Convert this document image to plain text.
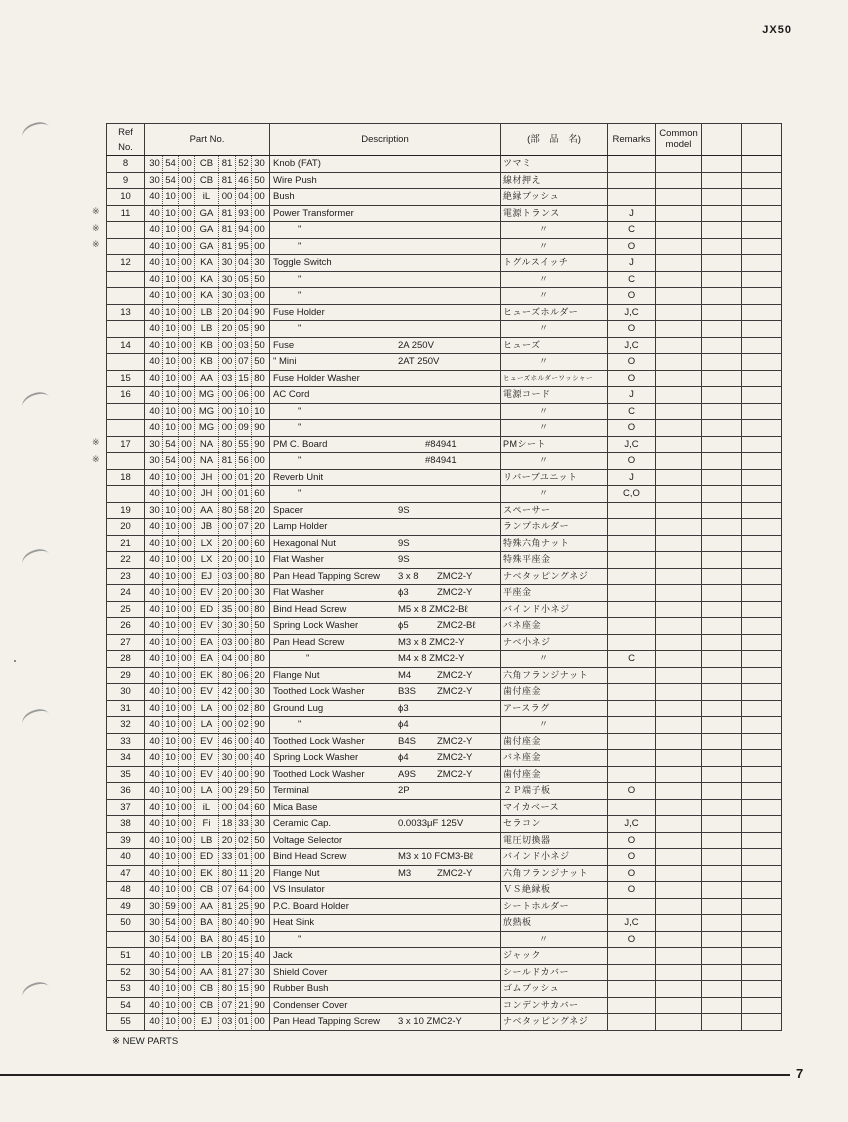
JX50
※
※
※
※
※
Ref
No.	Part No.	Description	(部　品　名)	Remarks	Common
model		
8	30 54 00 CB 81 52 30	Knob (FAT)	ツマミ				
9	30 54 00 CB 81 46 50	Wire Push	線材押え				
10	40 10 00 iL 00 04 00	Bush	絶縁ブッシュ				
11	40 10 00 GA 81 93 00	Power Transformer	電源トランス	J			
	40 10 00 GA 81 94 00	"	〃	C			
	40 10 00 GA 81 95 00	"	〃	O			
12	40 10 00 KA 30 04 30	Toggle Switch	トグルスイッチ	J			
	40 10 00 KA 30 05 50	"	〃	C			
	40 10 00 KA 30 03 00	"	〃	O			
13	40 10 00 LB 20 04 90	Fuse Holder	ヒューズホルダー	J,C			
	40 10 00 LB 20 05 90	"	〃	O			
14	40 10 00 KB 00 03 50	Fuse 2A 250V	ヒューズ	J,C			
	40 10 00 KB 00 07 50	" Mini 2AT 250V	〃	O			
15	40 10 00 AA 03 15 80	Fuse Holder Washer	ヒューズホルダーワッシャー	O			
16	40 10 00 MG 00 06 00	AC Cord	電源コード	J			
	40 10 00 MG 00 10 10	"	〃	C			
	40 10 00 MG 00 09 90	"	〃	O			
17	30 54 00 NA 80 55 90	PM C. Board #84941	PMシート	J,C			
	30 54 00 NA 81 56 00	" #84941	〃	O			
18	40 10 00 JH 00 01 20	Reverb Unit	リバーブユニット	J			
	40 10 00 JH 00 01 60	"	〃	C,O			
19	30 10 00 AA 80 58 20	Spacer 9S	スペーサー				
20	40 10 00 JB 00 07 20	Lamp Holder	ランプホルダー				
21	40 10 00 LX 20 00 60	Hexagonal Nut 9S	特殊六角ナット				
22	40 10 00 LX 20 00 10	Flat Washer 9S	特殊平座金				
23	40 10 00 EJ 03 00 80	Pan Head Tapping Screw 3 x 8 ZMC2-Y	ナベタッピングネジ				
24	40 10 00 EV 20 00 30	Flat Washer ϕ3 ZMC2-Y	平座金				
25	40 10 00 ED 35 00 80	Bind Head Screw M5 x 8 ZMC2-Bℓ	バインド小ネジ				
26	40 10 00 EV 30 30 50	Spring Lock Washer ϕ5 ZMC2-Bℓ	バネ座金				
27	40 10 00 EA 03 00 80	Pan Head Screw M3 x 8 ZMC2-Y	ナベ小ネジ				
28	40 10 00 EA 04 00 80	" M4 x 8 ZMC2-Y	〃	C			
29	40 10 00 EK 80 06 20	Flange Nut M4 ZMC2-Y	六角フランジナット				
30	40 10 00 EV 42 00 30	Toothed Lock Washer B3S ZMC2-Y	歯付座金				
31	40 10 00 LA 00 02 80	Ground Lug ϕ3	アースラグ				
32	40 10 00 LA 00 02 90	" ϕ4	〃				
33	40 10 00 EV 46 00 40	Toothed Lock Washer B4S ZMC2-Y	歯付座金				
34	40 10 00 EV 30 00 40	Spring Lock Washer ϕ4 ZMC2-Y	バネ座金				
35	40 10 00 EV 40 00 90	Toothed Lock Washer A9S ZMC2-Y	歯付座金				
36	40 10 00 LA 00 29 50	Terminal 2P	２Ｐ端子板	O			
37	40 10 00 iL 00 04 60	Mica Base	マイカベース				
38	40 10 00 Fi 18 33 30	Ceramic Cap. 0.0033μF 125V	セラコン	J,C			
39	40 10 00 LB 20 02 50	Voltage Selector	電圧切換器	O			
40	40 10 00 ED 33 01 00	Bind Head Screw M3 x 10 FCM3-Bℓ	バインド小ネジ	O			
47	40 10 00 EK 80 11 20	Flange Nut M3 ZMC2-Y	六角フランジナット	O			
48	40 10 00 CB 07 64 00	VS Insulator	ＶＳ絶縁板	O			
49	30 59 00 AA 81 25 90	P.C. Board Holder	シートホルダー				
50	30 54 00 BA 80 40 90	Heat Sink	放熱板	J,C			
	30 54 00 BA 80 45 10	"	〃	O			
51	40 10 00 LB 20 15 40	Jack	ジャック				
52	30 54 00 AA 81 27 30	Shield Cover	シールドカバー				
53	40 10 00 CB 80 15 90	Rubber Bush	ゴムブッシュ				
54	40 10 00 CB 07 21 90	Condenser Cover	コンデンサカバー				
55	40 10 00 EJ 03 01 00	Pan Head Tapping Screw 3 x 10 ZMC2-Y	ナベタッピングネジ				
※ NEW PARTS
7
